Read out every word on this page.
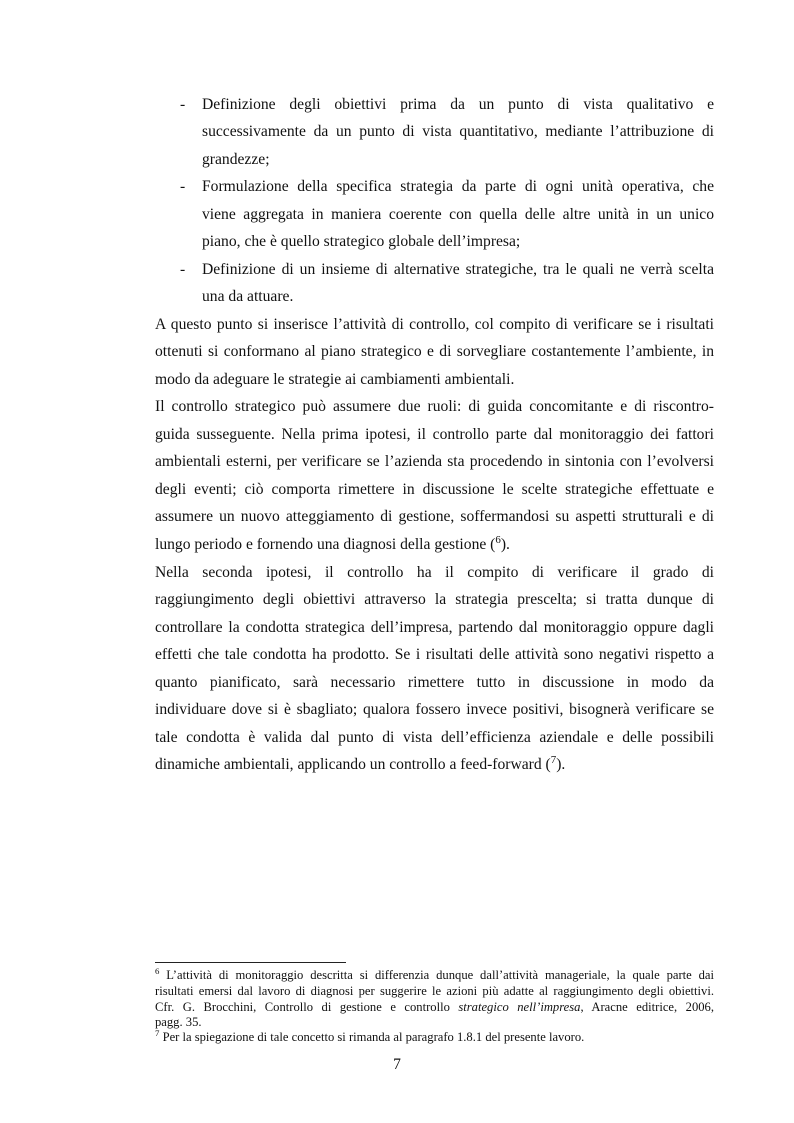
- Definizione degli obiettivi prima da un punto di vista qualitativo e
successivamente da un punto di vista quantitativo, mediante l’attribuzione di
grandezze;
- Formulazione della specifica strategia da parte di ogni unità operativa, che
viene aggregata in maniera coerente con quella delle altre unità in un unico
piano, che è quello strategico globale dell’impresa;
- Definizione di un insieme di alternative strategiche, tra le quali ne verrà scelta
una da attuare.
A questo punto si inserisce l’attività di controllo, col compito di verificare se i risultati
ottenuti si conformano al piano strategico e di sorvegliare costantemente l’ambiente, in
modo da adeguare le strategie ai cambiamenti ambientali.
Il controllo strategico può assumere due ruoli: di guida concomitante e di riscontro-
guida susseguente. Nella prima ipotesi, il controllo parte dal monitoraggio dei fattori
ambientali esterni, per verificare se l’azienda sta procedendo in sintonia con l’evolversi
degli eventi; ciò comporta rimettere in discussione le scelte strategiche effettuate e
assumere un nuovo atteggiamento di gestione, soffermandosi su aspetti strutturali e di
lungo periodo e fornendo una diagnosi della gestione ($^6$).
Nella seconda ipotesi, il controllo ha il compito di verificare il grado di
raggiungimento degli obiettivi attraverso la strategia prescelta; si tratta dunque di
controllare la condotta strategica dell’impresa, partendo dal monitoraggio oppure dagli
effetti che tale condotta ha prodotto. Se i risultati delle attività sono negativi rispetto a
quanto pianificato, sarà necessario rimettere tutto in discussione in modo da
individuare dove si è sbagliato; qualora fossero invece positivi, bisognerà verificare se
tale condotta è valida dal punto di vista dell’efficienza aziendale e delle possibili
dinamiche ambientali, applicando un controllo a feed-forward ($^7$).
$^6$ L’attività di monitoraggio descritta si differenzia dunque dall’attività manageriale, la quale parte dai
risultati emersi dal lavoro di diagnosi per suggerire le azioni più adatte al raggiungimento degli obiettivi.
Cfr. G. Brocchini, Controllo di gestione e controllo strategico nell’impresa, Aracne editrice, 2006,
pagg. 35.
$^7$ Per la spiegazione di tale concetto si rimanda al paragrafo 1.8.1 del presente lavoro.
7
